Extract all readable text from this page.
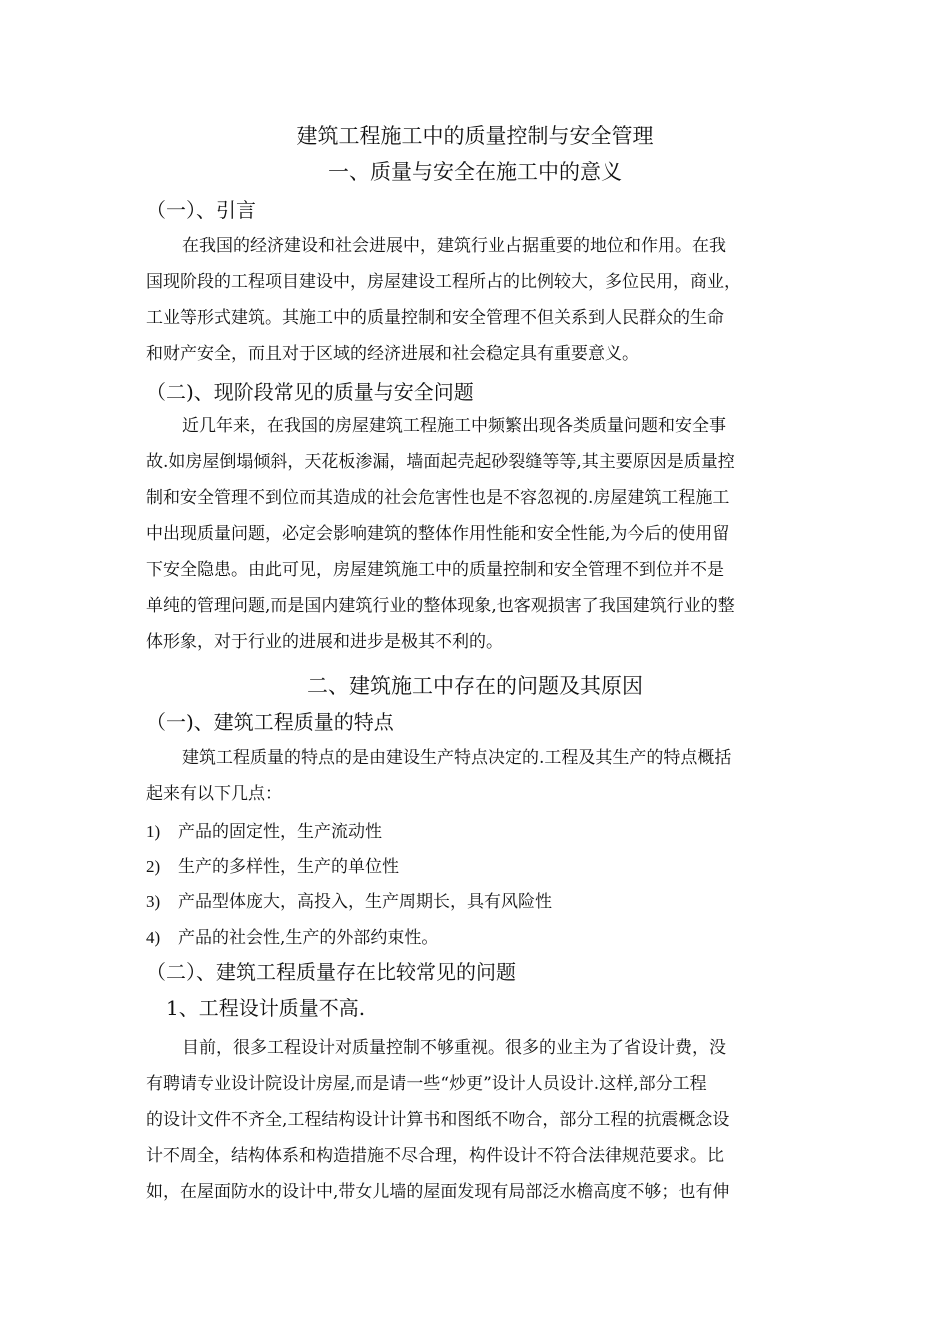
建筑工程施工中的质量控制与安全管理
一、质量与安全在施工中的意义
（一）、引言
在我国的经济建设和社会进展中，建筑行业占据重要的地位和作用。在我
国现阶段的工程项目建设中，房屋建设工程所占的比例较大，多位民用，商业，
工业等形式建筑。其施工中的质量控制和安全管理不但关系到人民群众的生命
和财产安全，而且对于区域的经济进展和社会稳定具有重要意义。
（二)、现阶段常见的质量与安全问题
近几年来，在我国的房屋建筑工程施工中频繁出现各类质量问题和安全事
故.如房屋倒塌倾斜，天花板渗漏，墙面起壳起砂裂缝等等,其主要原因是质量控
制和安全管理不到位而其造成的社会危害性也是不容忽视的.房屋建筑工程施工
中出现质量问题，必定会影响建筑的整体作用性能和安全性能,为今后的使用留
下安全隐患。由此可见，房屋建筑施工中的质量控制和安全管理不到位并不是
单纯的管理问题,而是国内建筑行业的整体现象,也客观损害了我国建筑行业的整
体形象，对于行业的进展和进步是极其不利的。
二、建筑施工中存在的问题及其原因
（一)、建筑工程质量的特点
建筑工程质量的特点的是由建设生产特点决定的.工程及其生产的特点概括
起来有以下几点：
1) 产品的固定性，生产流动性
2) 生产的多样性，生产的单位性
3) 产品型体庞大，高投入，生产周期长，具有风险性
4) 产品的社会性,生产的外部约束性。
（二）、建筑工程质量存在比较常见的问题
1、工程设计质量不高.
目前，很多工程设计对质量控制不够重视。很多的业主为了省设计费，没
有聘请专业设计院设计房屋,而是请一些“炒更”设计人员设计.这样,部分工程
的设计文件不齐全,工程结构设计计算书和图纸不吻合，部分工程的抗震概念设
计不周全，结构体系和构造措施不尽合理，构件设计不符合法律规范要求。比
如，在屋面防水的设计中,带女儿墙的屋面发现有局部泛水檐高度不够；也有伸
